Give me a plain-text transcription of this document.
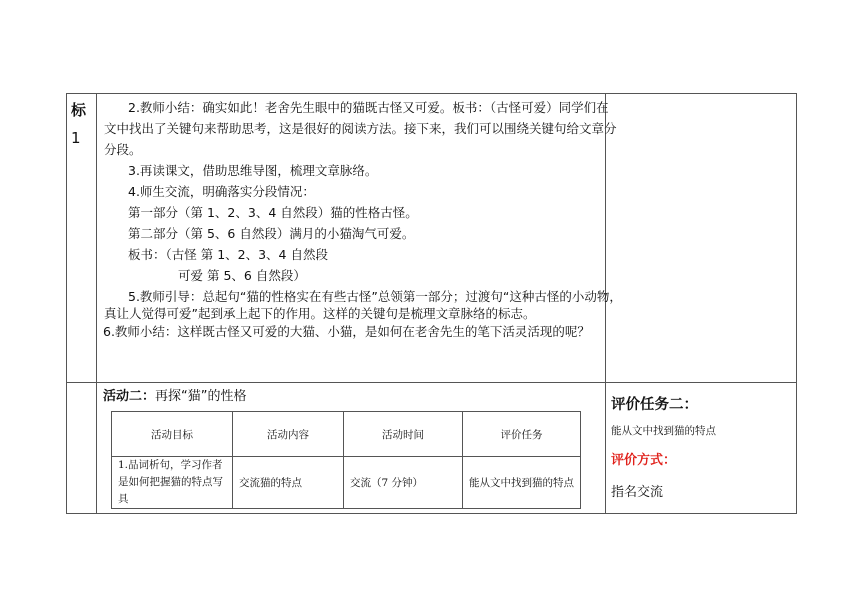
标
1
2.教师小结：确实如此！老舍先生眼中的猫既古怪又可爱。板书：（古怪可爱）同学们在
文中找出了关键句来帮助思考，这是很好的阅读方法。接下来，我们可以围绕关键句给文章分
分段。
3.再读课文，借助思维导图，梳理文章脉络。
4.师生交流，明确落实分段情况：
第一部分（第 1、2、3、4 自然段）猫的性格古怪。
第二部分（第 5、6 自然段）满月的小猫淘气可爱。
板书：（古怪 第 1、2、3、4 自然段
可爱 第 5、6 自然段）
5.教师引导：总起句“猫的性格实在有些古怪”总领第一部分；过渡句“这种古怪的小动物，
真让人觉得可爱”起到承上起下的作用。这样的关键句是梳理文章脉络的标志。
6.教师小结：这样既古怪又可爱的大猫、小猫，是如何在老舍先生的笔下活灵活现的呢？
活动二：再探“猫”的性格
活动目标	活动内容	活动时间	评价任务
1.品词析句，学习作者是如何把握猫的特点写具	交流猫的特点	交流（7 分钟）	能从文中找到猫的特点
评价任务二：
能从文中找到猫的特点
评价方式：
指名交流
